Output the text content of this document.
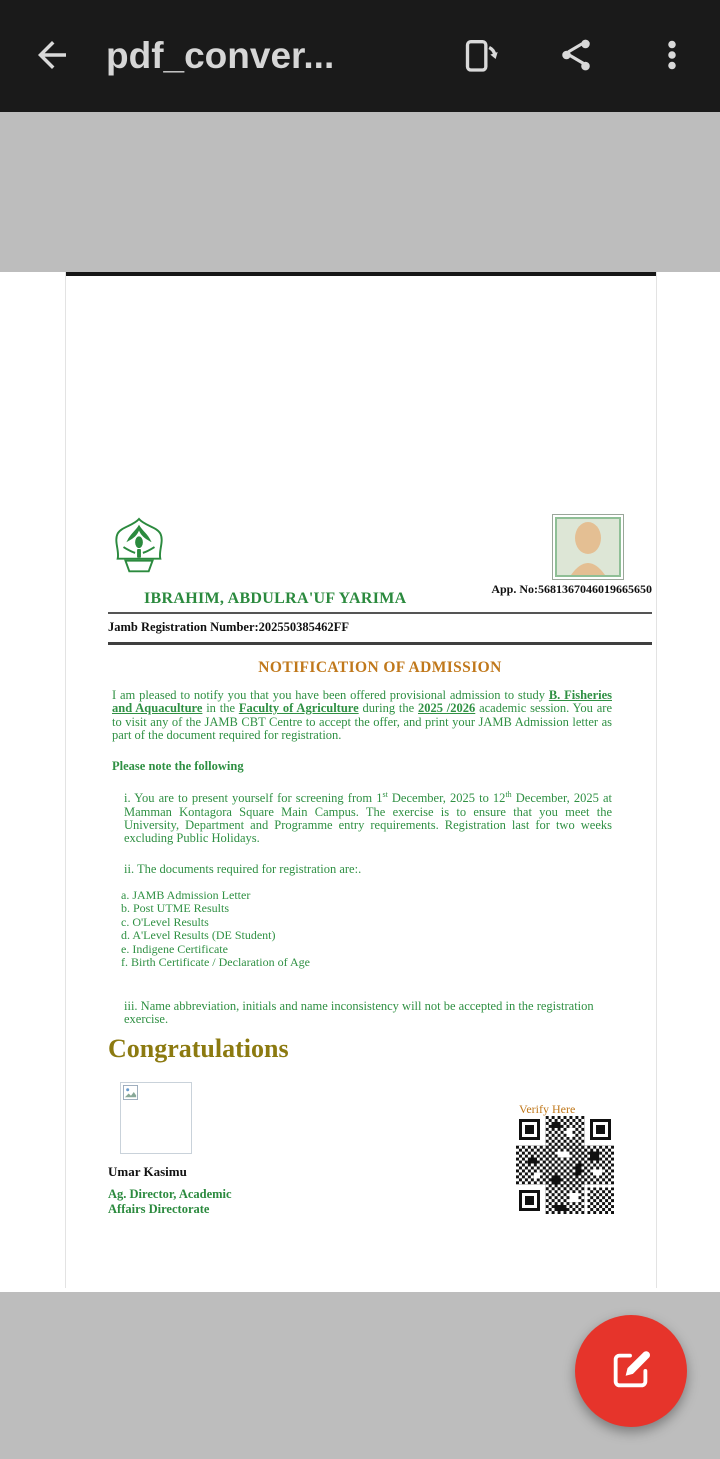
pdf_conver...
App. No:5681367046019665650
IBRAHIM, ABDULRA'UF YARIMA
Jamb Registration Number:202550385462FF
NOTIFICATION OF ADMISSION

I am pleased to notify you that you have been offered provisional admission to study B. Fisheries and Aquaculture in the Faculty of Agriculture during the 2025 /2026 academic session. You are to visit any of the JAMB CBT Centre to accept the offer, and print your JAMB Admission letter as part of the document required for registration.

Please note the following

i. You are to present yourself for screening from 1st December, 2025 to 12th December, 2025 at Mamman Kontagora Square Main Campus. The exercise is to ensure that you meet the University, Department and Programme entry requirements. Registration last for two weeks excluding Public Holidays.

ii. The documents required for registration are:.

a. JAMB Admission Letter
b. Post UTME Results
c. O'Level Results
d. A'Level Results (DE Student)
e. Indigene Certificate
f. Birth Certificate / Declaration of Age

iii. Name abbreviation, initials and name inconsistency will not be accepted in the registration exercise.

Congratulations
Umar Kasimu
Ag. Director, Academic
Affairs Directorate
Verify Here
